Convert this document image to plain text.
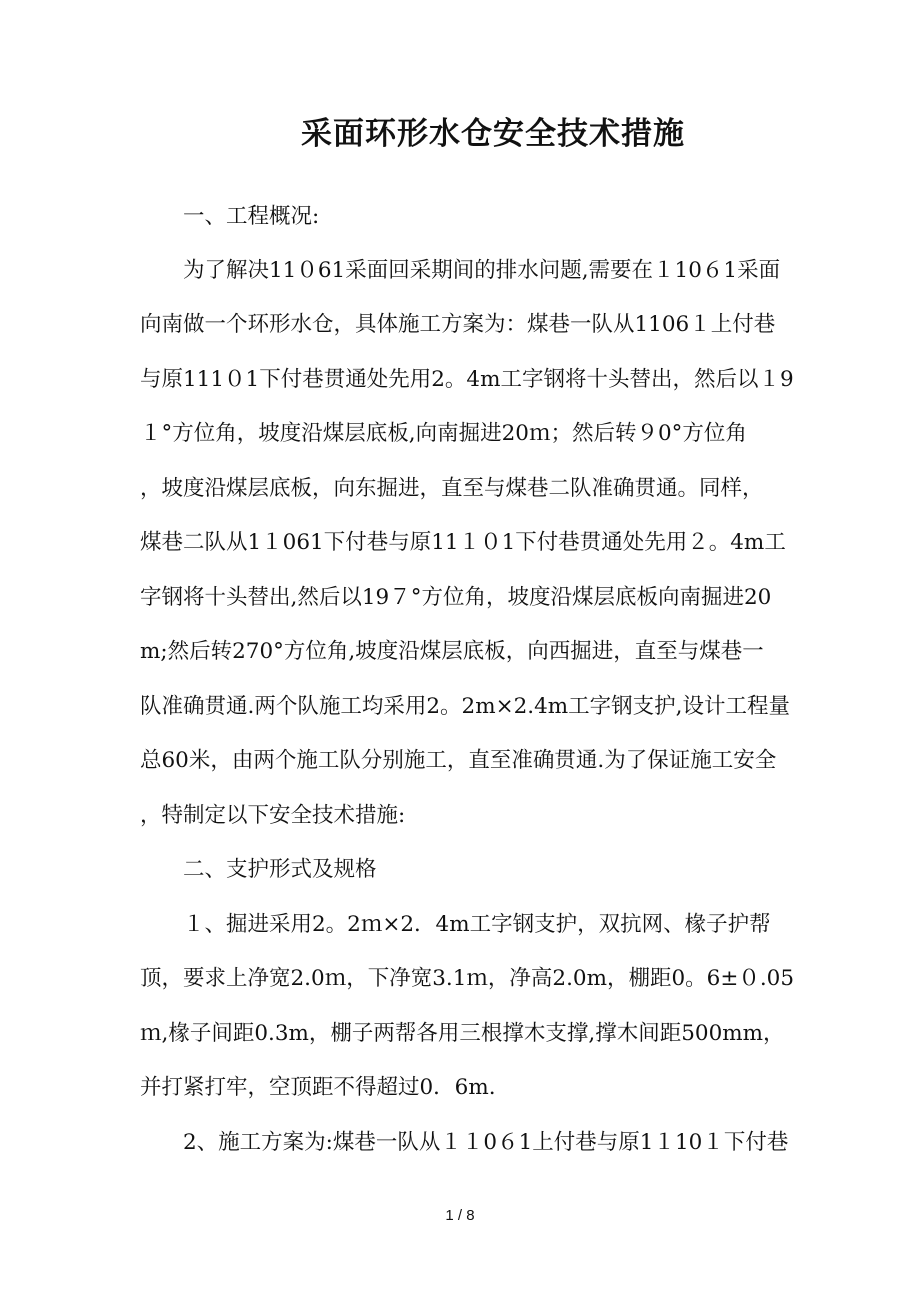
采面环形水仓安全技术措施
一、工程概况:
为了解决11０61采面回采期间的排水问题,需要在１10６1采面
向南做一个环形水仓，具体施工方案为：煤巷一队从1106１上付巷
与原111０1下付巷贯通处先用2。4m工字钢将十头替出，然后以１9
１°方位角，坡度沿煤层底板,向南掘进20ｍ；然后转９0°方位角
，坡度沿煤层底板，向东掘进，直至与煤巷二队准确贯通。同样，
煤巷二队从1１061下付巷与原11１０1下付巷贯通处先用２。4m工
字钢将十头替出,然后以19７°方位角，坡度沿煤层底板向南掘进20
m;然后转270°方位角,坡度沿煤层底板，向西掘进，直至与煤巷一
队准确贯通.两个队施工均采用2。2m×2.4m工字钢支护,设计工程量
总60米，由两个施工队分别施工，直至准确贯通.为了保证施工安全
，特制定以下安全技术措施:
二、支护形式及规格
１、掘进采用2。2ｍ×2．4m工字钢支护，双抗网、椽子护帮
顶，要求上净宽2.0ｍ，下净宽3.1ｍ，净高2.0m，棚距0。6±０.05
ｍ,椽子间距0.3m，棚子两帮各用三根撑木支撑,撑木间距500mm，
并打紧打牢，空顶距不得超过0．6m.
2、施工方案为:煤巷一队从１１0６1上付巷与原1１10１下付巷
1 / 8
